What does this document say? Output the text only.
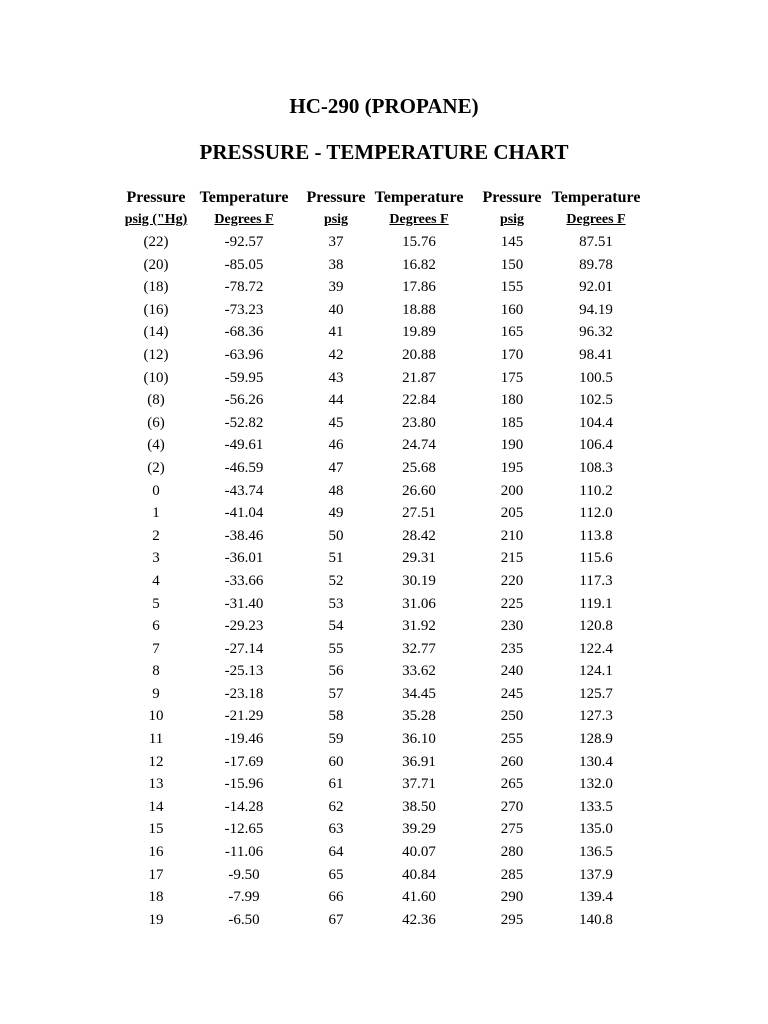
HC-290 (PROPANE)
PRESSURE - TEMPERATURE CHART
Pressure
psig ("Hg)
(22)
(20)
(18)
(16)
(14)
(12)
(10)
(8)
(6)
(4)
(2)
0
1
2
3
4
5
6
7
8
9
10
11
12
13
14
15
16
17
18
19
Temperature
Degrees F
-92.57
-85.05
-78.72
-73.23
-68.36
-63.96
-59.95
-56.26
-52.82
-49.61
-46.59
-43.74
-41.04
-38.46
-36.01
-33.66
-31.40
-29.23
-27.14
-25.13
-23.18
-21.29
-19.46
-17.69
-15.96
-14.28
-12.65
-11.06
-9.50
-7.99
-6.50
Pressure
psig
37
38
39
40
41
42
43
44
45
46
47
48
49
50
51
52
53
54
55
56
57
58
59
60
61
62
63
64
65
66
67
Temperature
Degrees F
15.76
16.82
17.86
18.88
19.89
20.88
21.87
22.84
23.80
24.74
25.68
26.60
27.51
28.42
29.31
30.19
31.06
31.92
32.77
33.62
34.45
35.28
36.10
36.91
37.71
38.50
39.29
40.07
40.84
41.60
42.36
Pressure
psig
145
150
155
160
165
170
175
180
185
190
195
200
205
210
215
220
225
230
235
240
245
250
255
260
265
270
275
280
285
290
295
Temperature
Degrees F
87.51
89.78
92.01
94.19
96.32
98.41
100.5
102.5
104.4
106.4
108.3
110.2
112.0
113.8
115.6
117.3
119.1
120.8
122.4
124.1
125.7
127.3
128.9
130.4
132.0
133.5
135.0
136.5
137.9
139.4
140.8
